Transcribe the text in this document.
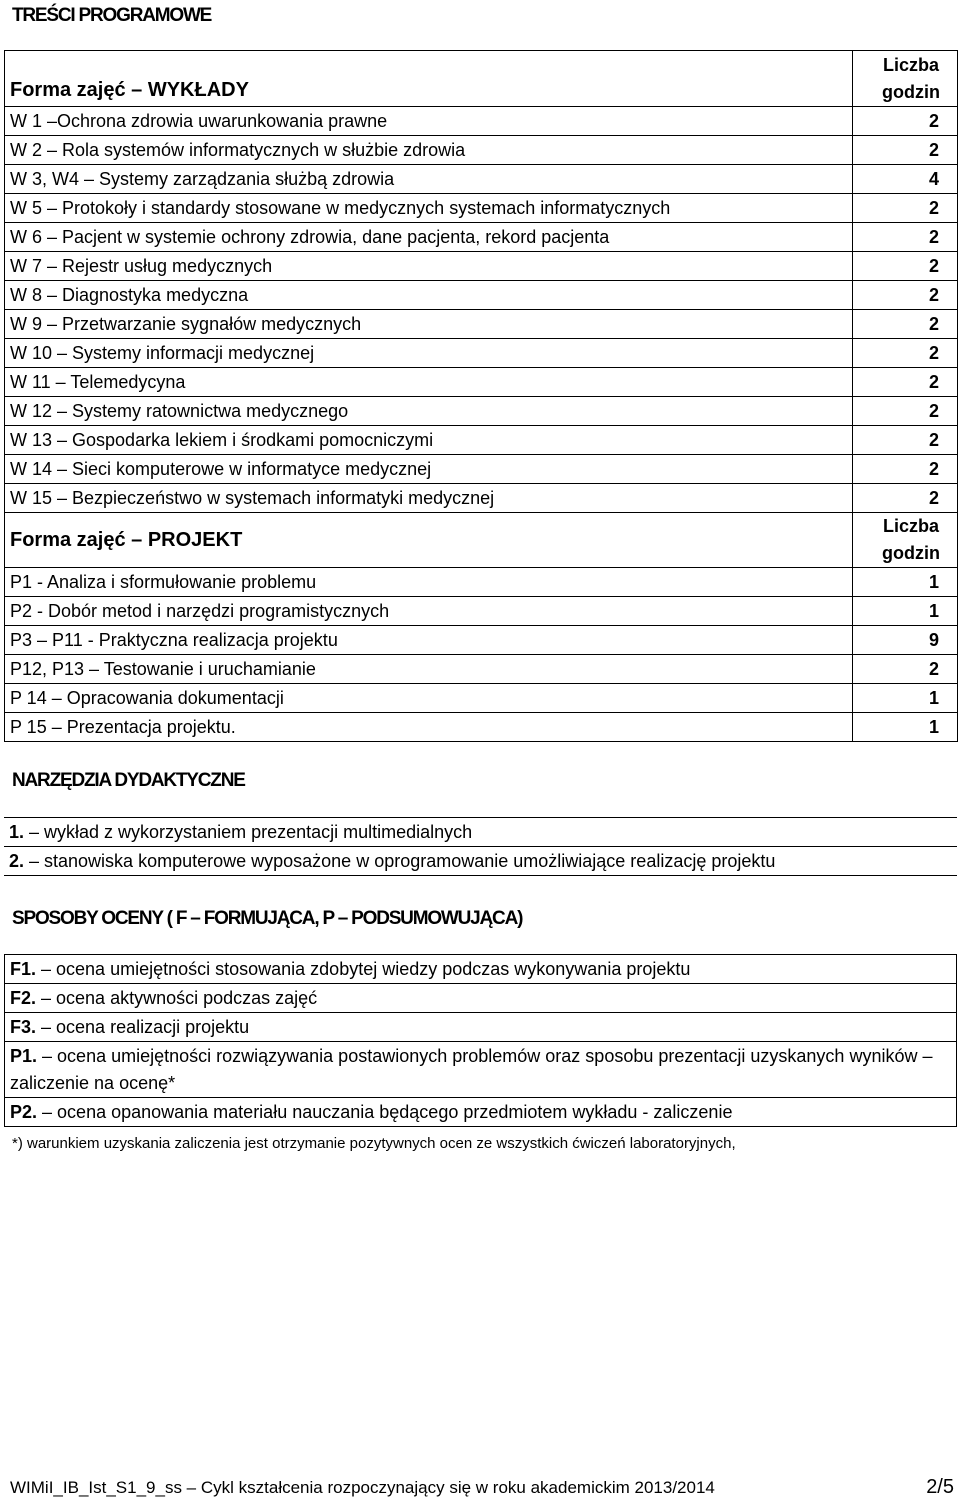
TREŚCI PROGRAMOWE
Forma zajęć – WYKŁADY	Liczba
godzin
W 1 –Ochrona zdrowia uwarunkowania prawne	2
W 2 – Rola systemów informatycznych w służbie zdrowia	2
W 3, W4 – Systemy zarządzania służbą zdrowia	4
W 5 – Protokoły i standardy stosowane w medycznych systemach informatycznych	2
W 6 – Pacjent w systemie ochrony zdrowia, dane pacjenta, rekord pacjenta	2
W 7 – Rejestr usług medycznych	2
W 8 – Diagnostyka medyczna	2
W 9 – Przetwarzanie sygnałów medycznych	2
W 10 – Systemy informacji medycznej	2
W 11 – Telemedycyna	2
W 12 – Systemy ratownictwa medycznego	2
W 13 – Gospodarka lekiem i środkami pomocniczymi	2
W 14 – Sieci komputerowe w informatyce medycznej	2
W 15 – Bezpieczeństwo w systemach informatyki medycznej	2
Forma zajęć – PROJEKT	Liczba
godzin
P1 - Analiza i sformułowanie problemu	1
P2 - Dobór metod i narzędzi programistycznych	1
P3 – P11 - Praktyczna realizacja projektu	9
P12, P13 – Testowanie i uruchamianie	2
P 14 – Opracowania dokumentacji	1
P 15 – Prezentacja projektu.	1
NARZĘDZIA DYDAKTYCZNE
1. – wykład z wykorzystaniem prezentacji multimedialnych
2. – stanowiska komputerowe wyposażone w oprogramowanie umożliwiające realizację projektu
SPOSOBY OCENY ( F – FORMUJĄCA, P – PODSUMOWUJĄCA)
F1. – ocena umiejętności stosowania zdobytej wiedzy podczas wykonywania projektu
F2. – ocena aktywności podczas zajęć
F3. – ocena realizacji projektu
P1. – ocena umiejętności rozwiązywania postawionych problemów oraz sposobu prezentacji uzyskanych wyników – zaliczenie na ocenę*
P2. – ocena opanowania materiału nauczania będącego przedmiotem wykładu - zaliczenie
*) warunkiem uzyskania zaliczenia jest otrzymanie pozytywnych ocen ze wszystkich ćwiczeń laboratoryjnych,
WIMiI_IB_Ist_S1_9_ss – Cykl kształcenia rozpoczynający się w roku akademickim 2013/2014	2/5
